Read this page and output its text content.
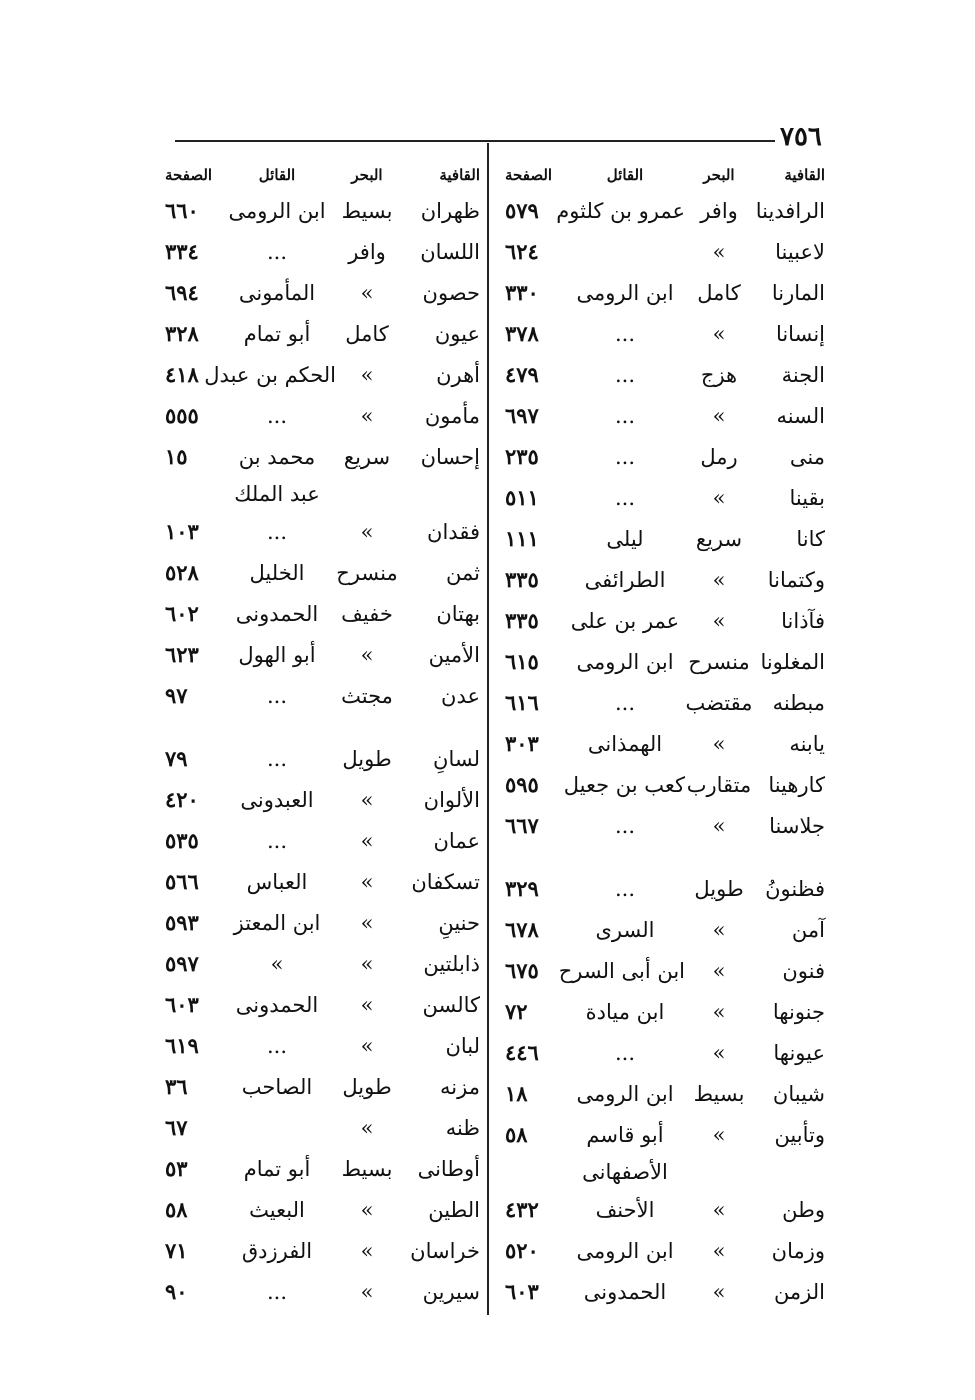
٧٥٦
القافية
البحر
القائل
الصفحة
الرافدينا
وافر
عمرو بن كلثوم
٥٧٩
لاعبينا
»
٦٢٤
المارنا
كامل
ابن الرومى
٣٣٠
إنسانا
»
...
٣٧٨
الجنة
هزج
...
٤٧٩
السنه
»
...
٦٩٧
منى
رمل
...
٢٣٥
بقينا
»
...
٥١١
كانا
سريع
ليلى
١١١
وكتمانا
»
الطرائفى
٣٣٥
فآذانا
»
عمر بن على
٣٣٥
المغلونا
منسرح
ابن الرومى
٦١٥
مبطنه
مقتضب
...
٦١٦
يابنه
»
الهمذانى
٣٠٣
كارهينا
متقارب
كعب بن جعيل
٥٩٥
جلاسنا
»
...
٦٦٧
فظنونُ
طويل
...
٣٢٩
آمن
»
السرى
٦٧٨
فنون
»
ابن أبى السرح
٦٧٥
جنونها
»
ابن ميادة
٧٢
عيونها
»
...
٤٤٦
شيبان
بسيط
ابن الرومى
١٨
وتأبين
»
أبو قاسم
٥٨
الأصفهانى
وطن
»
الأحنف
٤٣٢
وزمان
»
ابن الرومى
٥٢٠
الزمن
»
الحمدونى
٦٠٣
القافية
البحر
القائل
الصفحة
ظهران
بسيط
ابن الرومى
٦٦٠
اللسان
وافر
...
٣٣٤
حصون
»
المأمونى
٦٩٤
عيون
كامل
أبو تمام
٣٢٨
أهرن
»
الحكم بن عبدل
٤١٨
مأمون
»
...
٥٥٥
إحسان
سريع
محمد بن
١٥
عبد الملك
فقدان
»
...
١٠٣
ثمن
منسرح
الخليل
٥٢٨
بهتان
خفيف
الحمدونى
٦٠٢
الأمين
»
أبو الهول
٦٢٣
عدن
مجتث
...
٩٧
لسانِ
طويل
...
٧٩
الألوان
»
العبدونى
٤٢٠
عمان
»
...
٥٣٥
تسكفان
»
العباس
٥٦٦
حنينِ
»
ابن المعتز
٥٩٣
ذابلتين
»
»
٥٩٧
كالسن
»
الحمدونى
٦٠٣
لبان
»
...
٦١٩
مزنه
طويل
الصاحب
٣٦
ظنه
»
٦٧
أوطانى
بسيط
أبو تمام
٥٣
الطين
»
البعيث
٥٨
خراسان
»
الفرزدق
٧١
سيرين
»
...
٩٠
